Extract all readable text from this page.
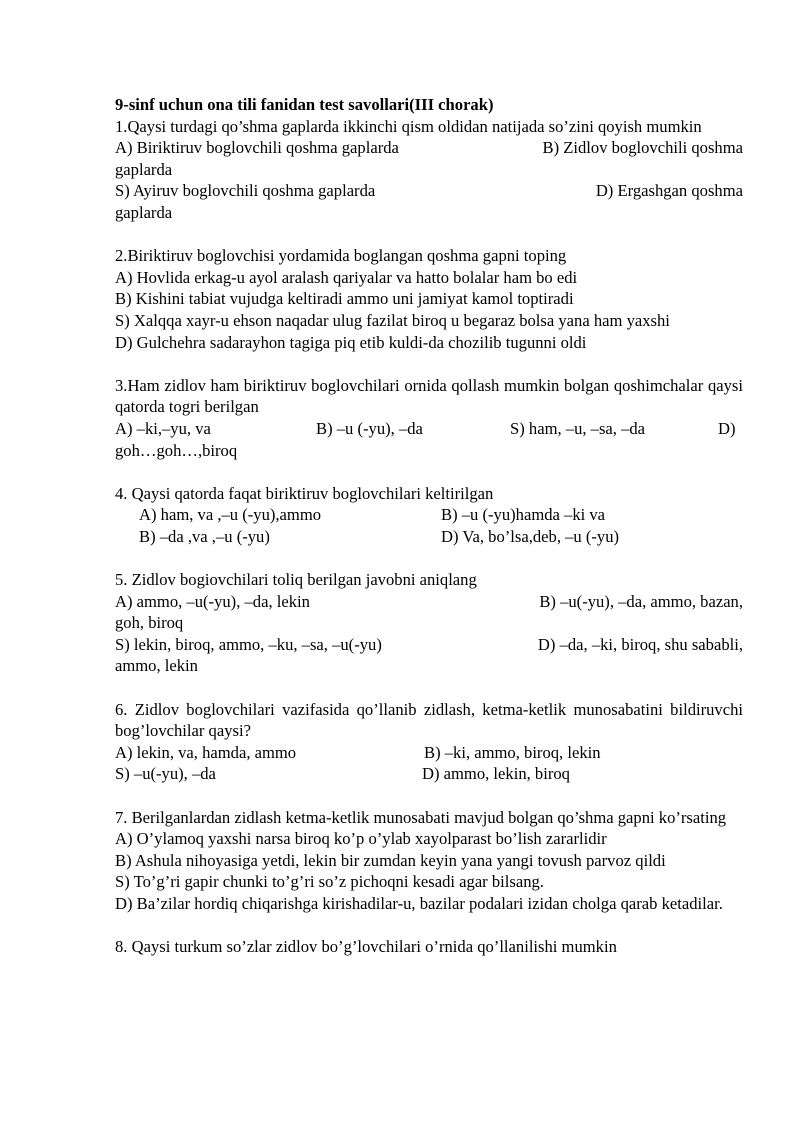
9-sinf uchun ona tili fanidan test savollari(III chorak)

1.Qaysi turdagi qo’shma gaplarda ikkinchi qism oldidan natijada so’zini qoyish mumkin

A) Biriktiruv boglovchili qoshma gaplarda	B) Zidlov boglovchili qoshma

gaplarda

S) Ayiruv boglovchili qoshma gaplarda	D) Ergashgan qoshma

gaplarda

2.Biriktiruv boglovchisi yordamida boglangan qoshma gapni toping

A) Hovlida erkag-u ayol aralash qariyalar va hatto bolalar ham bo edi

B) Kishini tabiat vujudga keltiradi ammo uni jamiyat kamol toptiradi

S) Xalqqa xayr-u ehson naqadar ulug fazilat biroq u begaraz bolsa yana ham yaxshi

D) Gulchehra sadarayhon tagiga piq etib kuldi-da chozilib tugunni oldi

3.Ham zidlov ham biriktiruv boglovchilari ornida qollash mumkin bolgan qoshimchalar qaysi qatorda togri berilgan

A) –ki,–yu, va	B) –u (-yu), –da	S) ham, –u, –sa, –da	D)

goh…goh…,biroq

4. Qaysi qatorda faqat biriktiruv boglovchilari keltirilgan

A) ham, va ,–u (-yu),ammo	B) –u (-yu)hamda –ki va
B) –da ,va ,–u (-yu)	D) Va, bo’lsa,deb, –u (-yu)

5. Zidlov bogiovchilari toliq berilgan javobni aniqlang

A) ammo, –u(-yu), –da, lekin	B) –u(-yu), –da, ammo, bazan,

goh, biroq

S) lekin, biroq, ammo, –ku, –sa, –u(-yu)	D) –da, –ki, biroq, shu sababli,

ammo, lekin

6. Zidlov boglovchilari vazifasida qo’llanib zidlash, ketma-ketlik munosabatini bildiruvchi bog’lovchilar qaysi?

A) lekin, va, hamda, ammo	B) –ki, ammo, biroq, lekin
S) –u(-yu), –da	D) ammo, lekin, biroq

7. Berilganlardan zidlash ketma-ketlik munosabati mavjud bolgan qo’shma gapni ko’rsating

A) O’ylamoq yaxshi narsa biroq ko’p o’ylab xayolparast bo’lish zararlidir

B) Ashula nihoyasiga yetdi, lekin bir zumdan keyin yana yangi tovush parvoz qildi

S) To’g’ri gapir chunki to’g’ri so’z pichoqni kesadi agar bilsang.

D) Ba’zilar hordiq chiqarishga kirishadilar-u, bazilar podalari izidan cholga qarab ketadilar.

8. Qaysi turkum so’zlar zidlov bo’g’lovchilari o’rnida qo’llanilishi mumkin
